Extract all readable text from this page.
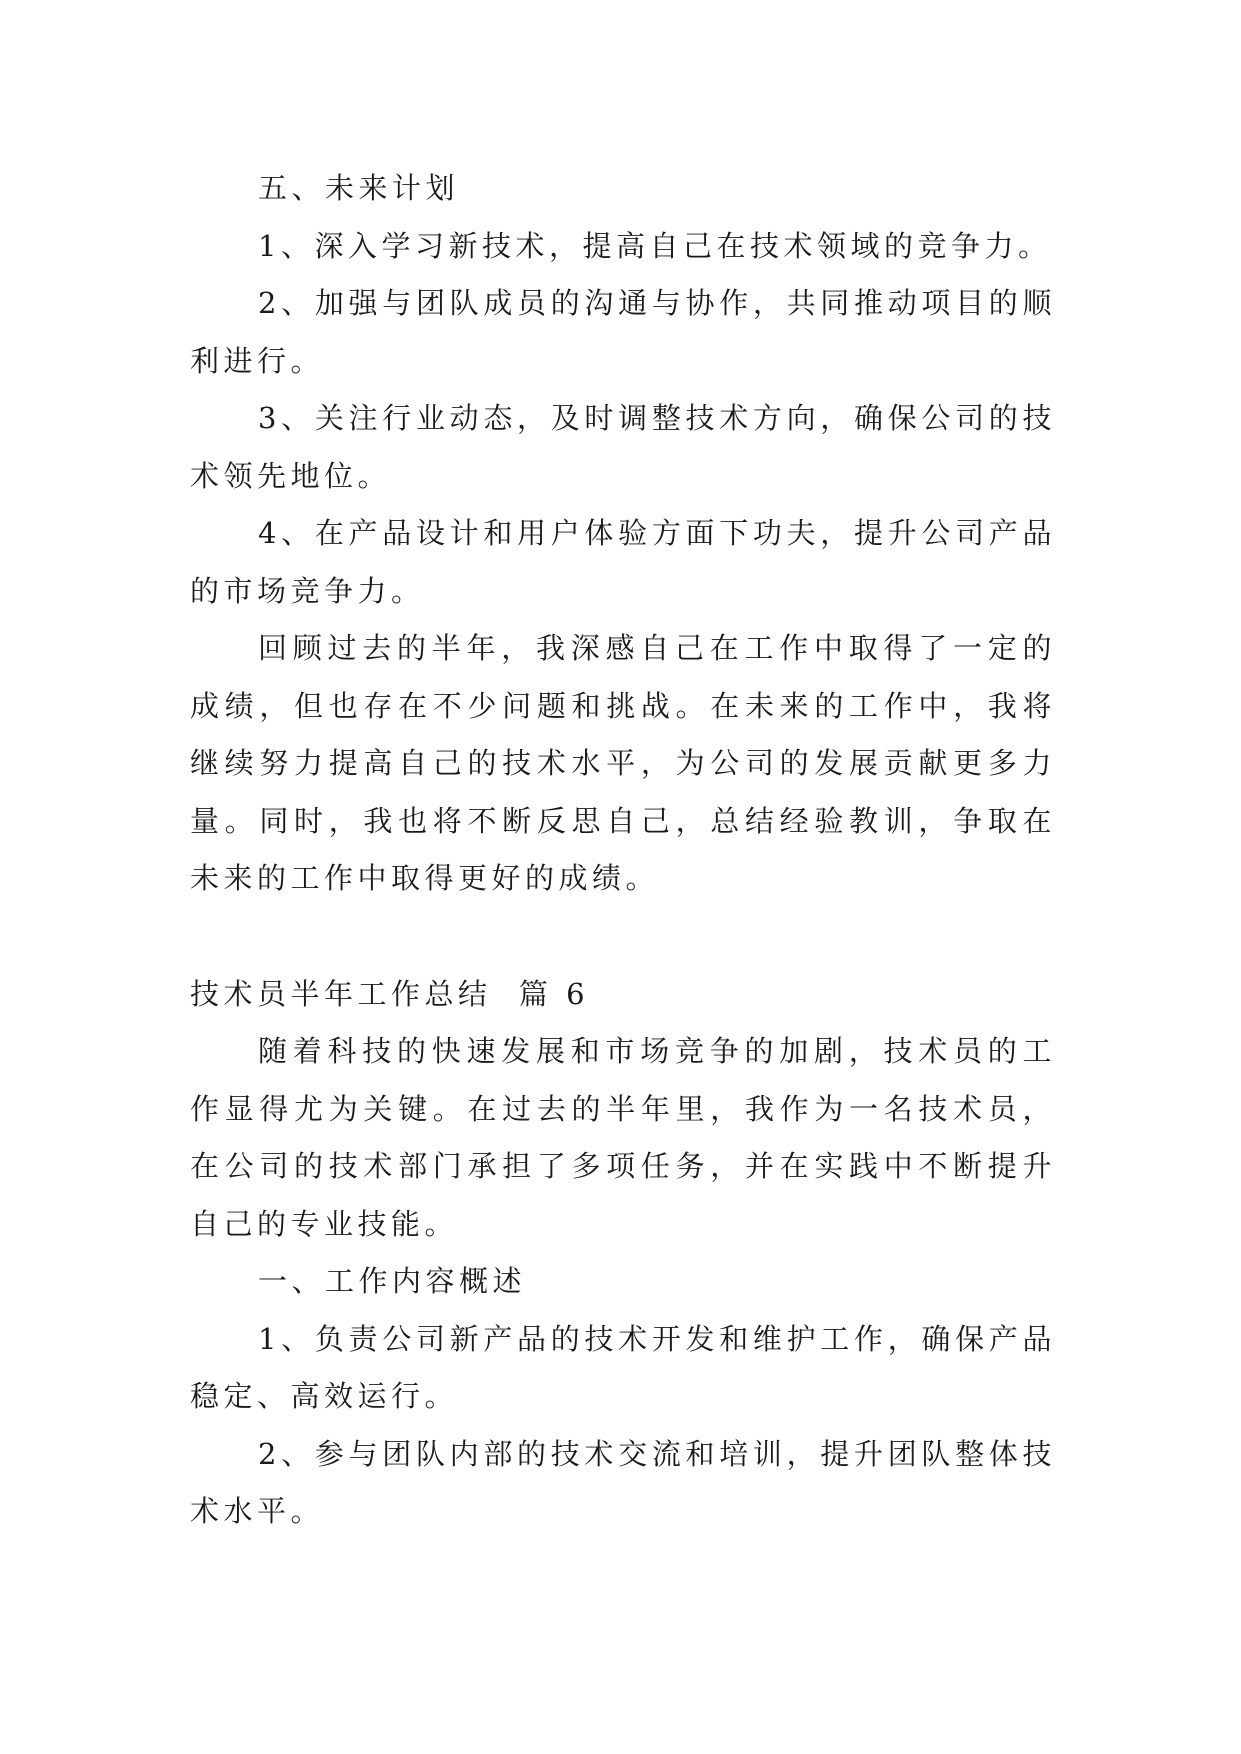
五、未来计划

1、深入学习新技术，提高自己在技术领域的竞争力。

2、加强与团队成员的沟通与协作，共同推动项目的顺利进行。

3、关注行业动态，及时调整技术方向，确保公司的技术领先地位。

4、在产品设计和用户体验方面下功夫，提升公司产品的市场竞争力。

回顾过去的半年，我深感自己在工作中取得了一定的成绩，但也存在不少问题和挑战。在未来的工作中，我将继续努力提高自己的技术水平，为公司的发展贡献更多力量。同时，我也将不断反思自己，总结经验教训，争取在未来的工作中取得更好的成绩。

技术员半年工作总结  篇 6

随着科技的快速发展和市场竞争的加剧，技术员的工作显得尤为关键。在过去的半年里，我作为一名技术员，在公司的技术部门承担了多项任务，并在实践中不断提升自己的专业技能。

一、工作内容概述

1、负责公司新产品的技术开发和维护工作，确保产品稳定、高效运行。

2、参与团队内部的技术交流和培训，提升团队整体技术水平。
